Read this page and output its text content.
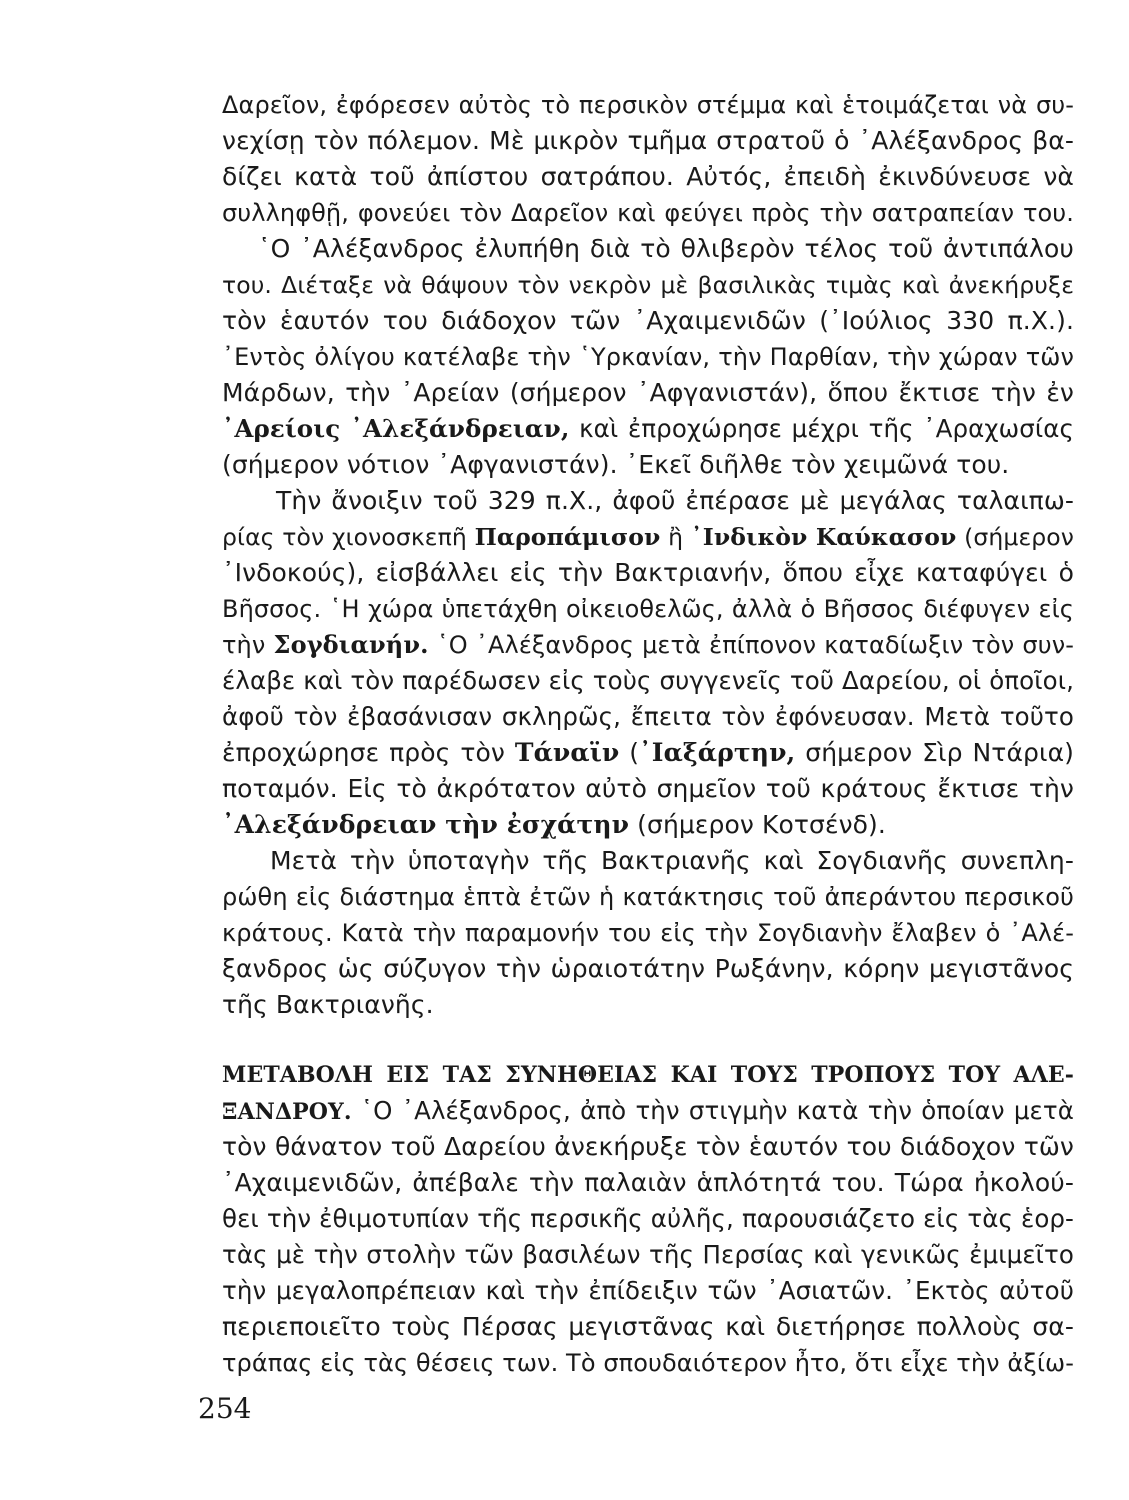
Δαρεῖον, ἐφόρεσεν αὐτὸς τὸ περσικὸν στέμμα καὶ ἑτοιμάζεται νὰ συ-
νεχίσῃ τὸν πόλεμον. Μὲ μικρὸν τμῆμα στρατοῦ ὁ ᾿Αλέξανδρος βα-
δίζει κατὰ τοῦ ἀπίστου σατράπου. Αὐτός, ἐπειδὴ ἐκινδύνευσε νὰ
συλληφθῇ, φονεύει τὸν Δαρεῖον καὶ φεύγει πρὸς τὴν σατραπείαν του.
῾Ο ᾿Αλέξανδρος ἐλυπήθη διὰ τὸ θλιβερὸν τέλος τοῦ ἀντιπάλου
του. Διέταξε νὰ θάψουν τὸν νεκρὸν μὲ βασιλικὰς τιμὰς καὶ ἀνεκήρυξε
τὸν ἑαυτόν του διάδοχον τῶν ᾿Αχαιμενιδῶν (᾿Ιούλιος 330 π.Χ.).
᾿Εντὸς ὀλίγου κατέλαβε τὴν ῾Υρκανίαν, τὴν Παρθίαν, τὴν χώραν τῶν
Μάρδων, τὴν ᾿Αρείαν (σήμερον ᾿Αφγανιστάν), ὅπου ἔκτισε τὴν ἐν
᾿Αρείοις ᾿Αλεξάνδρειαν, καὶ ἐπροχώρησε μέχρι τῆς ᾿Αραχωσίας
(σήμερον νότιον ᾿Αφγανιστάν). ᾿Εκεῖ διῆλθε τὸν χειμῶνά του.
Τὴν ἄνοιξιν τοῦ 329 π.Χ., ἀφοῦ ἐπέρασε μὲ μεγάλας ταλαιπω-
ρίας τὸν χιονοσκεπῆ Παροπάμισον ἢ ᾿Ινδικὸν Καύκασον (σήμερον
᾿Ινδοκούς), εἰσβάλλει εἰς τὴν Βακτριανήν, ὅπου εἶχε καταφύγει ὁ
Βῆσσος. ῾Η χώρα ὑπετάχθη οἰκειοθελῶς, ἀλλὰ ὁ Βῆσσος διέφυγεν εἰς
τὴν Σογδιανήν. ῾Ο ᾿Αλέξανδρος μετὰ ἐπίπονον καταδίωξιν τὸν συν-
έλαβε καὶ τὸν παρέδωσεν εἰς τοὺς συγγενεῖς τοῦ Δαρείου, οἱ ὁποῖοι,
ἀφοῦ τὸν ἐβασάνισαν σκληρῶς, ἔπειτα τὸν ἐφόνευσαν. Μετὰ τοῦτο
ἐπροχώρησε πρὸς τὸν Τάναϊν (᾿Ιαξάρτην, σήμερον Σὶρ Ντάρια)
ποταμόν. Εἰς τὸ ἀκρότατον αὐτὸ σημεῖον τοῦ κράτους ἔκτισε τὴν
᾿Αλεξάνδρειαν τὴν ἐσχάτην (σήμερον Κοτσένδ).
Μετὰ τὴν ὑποταγὴν τῆς Βακτριανῆς καὶ Σογδιανῆς συνεπλη-
ρώθη εἰς διάστημα ἑπτὰ ἐτῶν ἡ κατάκτησις τοῦ ἀπεράντου περσικοῦ
κράτους. Κατὰ τὴν παραμονήν του εἰς τὴν Σογδιανὴν ἔλαβεν ὁ ᾿Αλέ-
ξανδρος ὡς σύζυγον τὴν ὡραιοτάτην Ρωξάνην, κόρην μεγιστᾶνος
τῆς Βακτριανῆς.
ΜΕΤΑΒΟΛΗ ΕΙΣ ΤΑΣ ΣΥΝΗΘΕΙΑΣ ΚΑΙ ΤΟΥΣ ΤΡΟΠΟΥΣ ΤΟΥ ΑΛΕ-
ΞΑΝΔΡΟΥ. ῾Ο ᾿Αλέξανδρος, ἀπὸ τὴν στιγμὴν κατὰ τὴν ὁποίαν μετὰ
τὸν θάνατον τοῦ Δαρείου ἀνεκήρυξε τὸν ἑαυτόν του διάδοχον τῶν
᾿Αχαιμενιδῶν, ἀπέβαλε τὴν παλαιὰν ἁπλότητά του. Τώρα ἠκολού-
θει τὴν ἐθιμοτυπίαν τῆς περσικῆς αὐλῆς, παρουσιάζετο εἰς τὰς ἑορ-
τὰς μὲ τὴν στολὴν τῶν βασιλέων τῆς Περσίας καὶ γενικῶς ἐμιμεῖτο
τὴν μεγαλοπρέπειαν καὶ τὴν ἐπίδειξιν τῶν ᾿Ασιατῶν. ᾿Εκτὸς αὐτοῦ
περιεποιεῖτο τοὺς Πέρσας μεγιστᾶνας καὶ διετήρησε πολλοὺς σα-
τράπας εἰς τὰς θέσεις των. Τὸ σπουδαιότερον ἦτο, ὅτι εἶχε τὴν ἀξίω-
254
